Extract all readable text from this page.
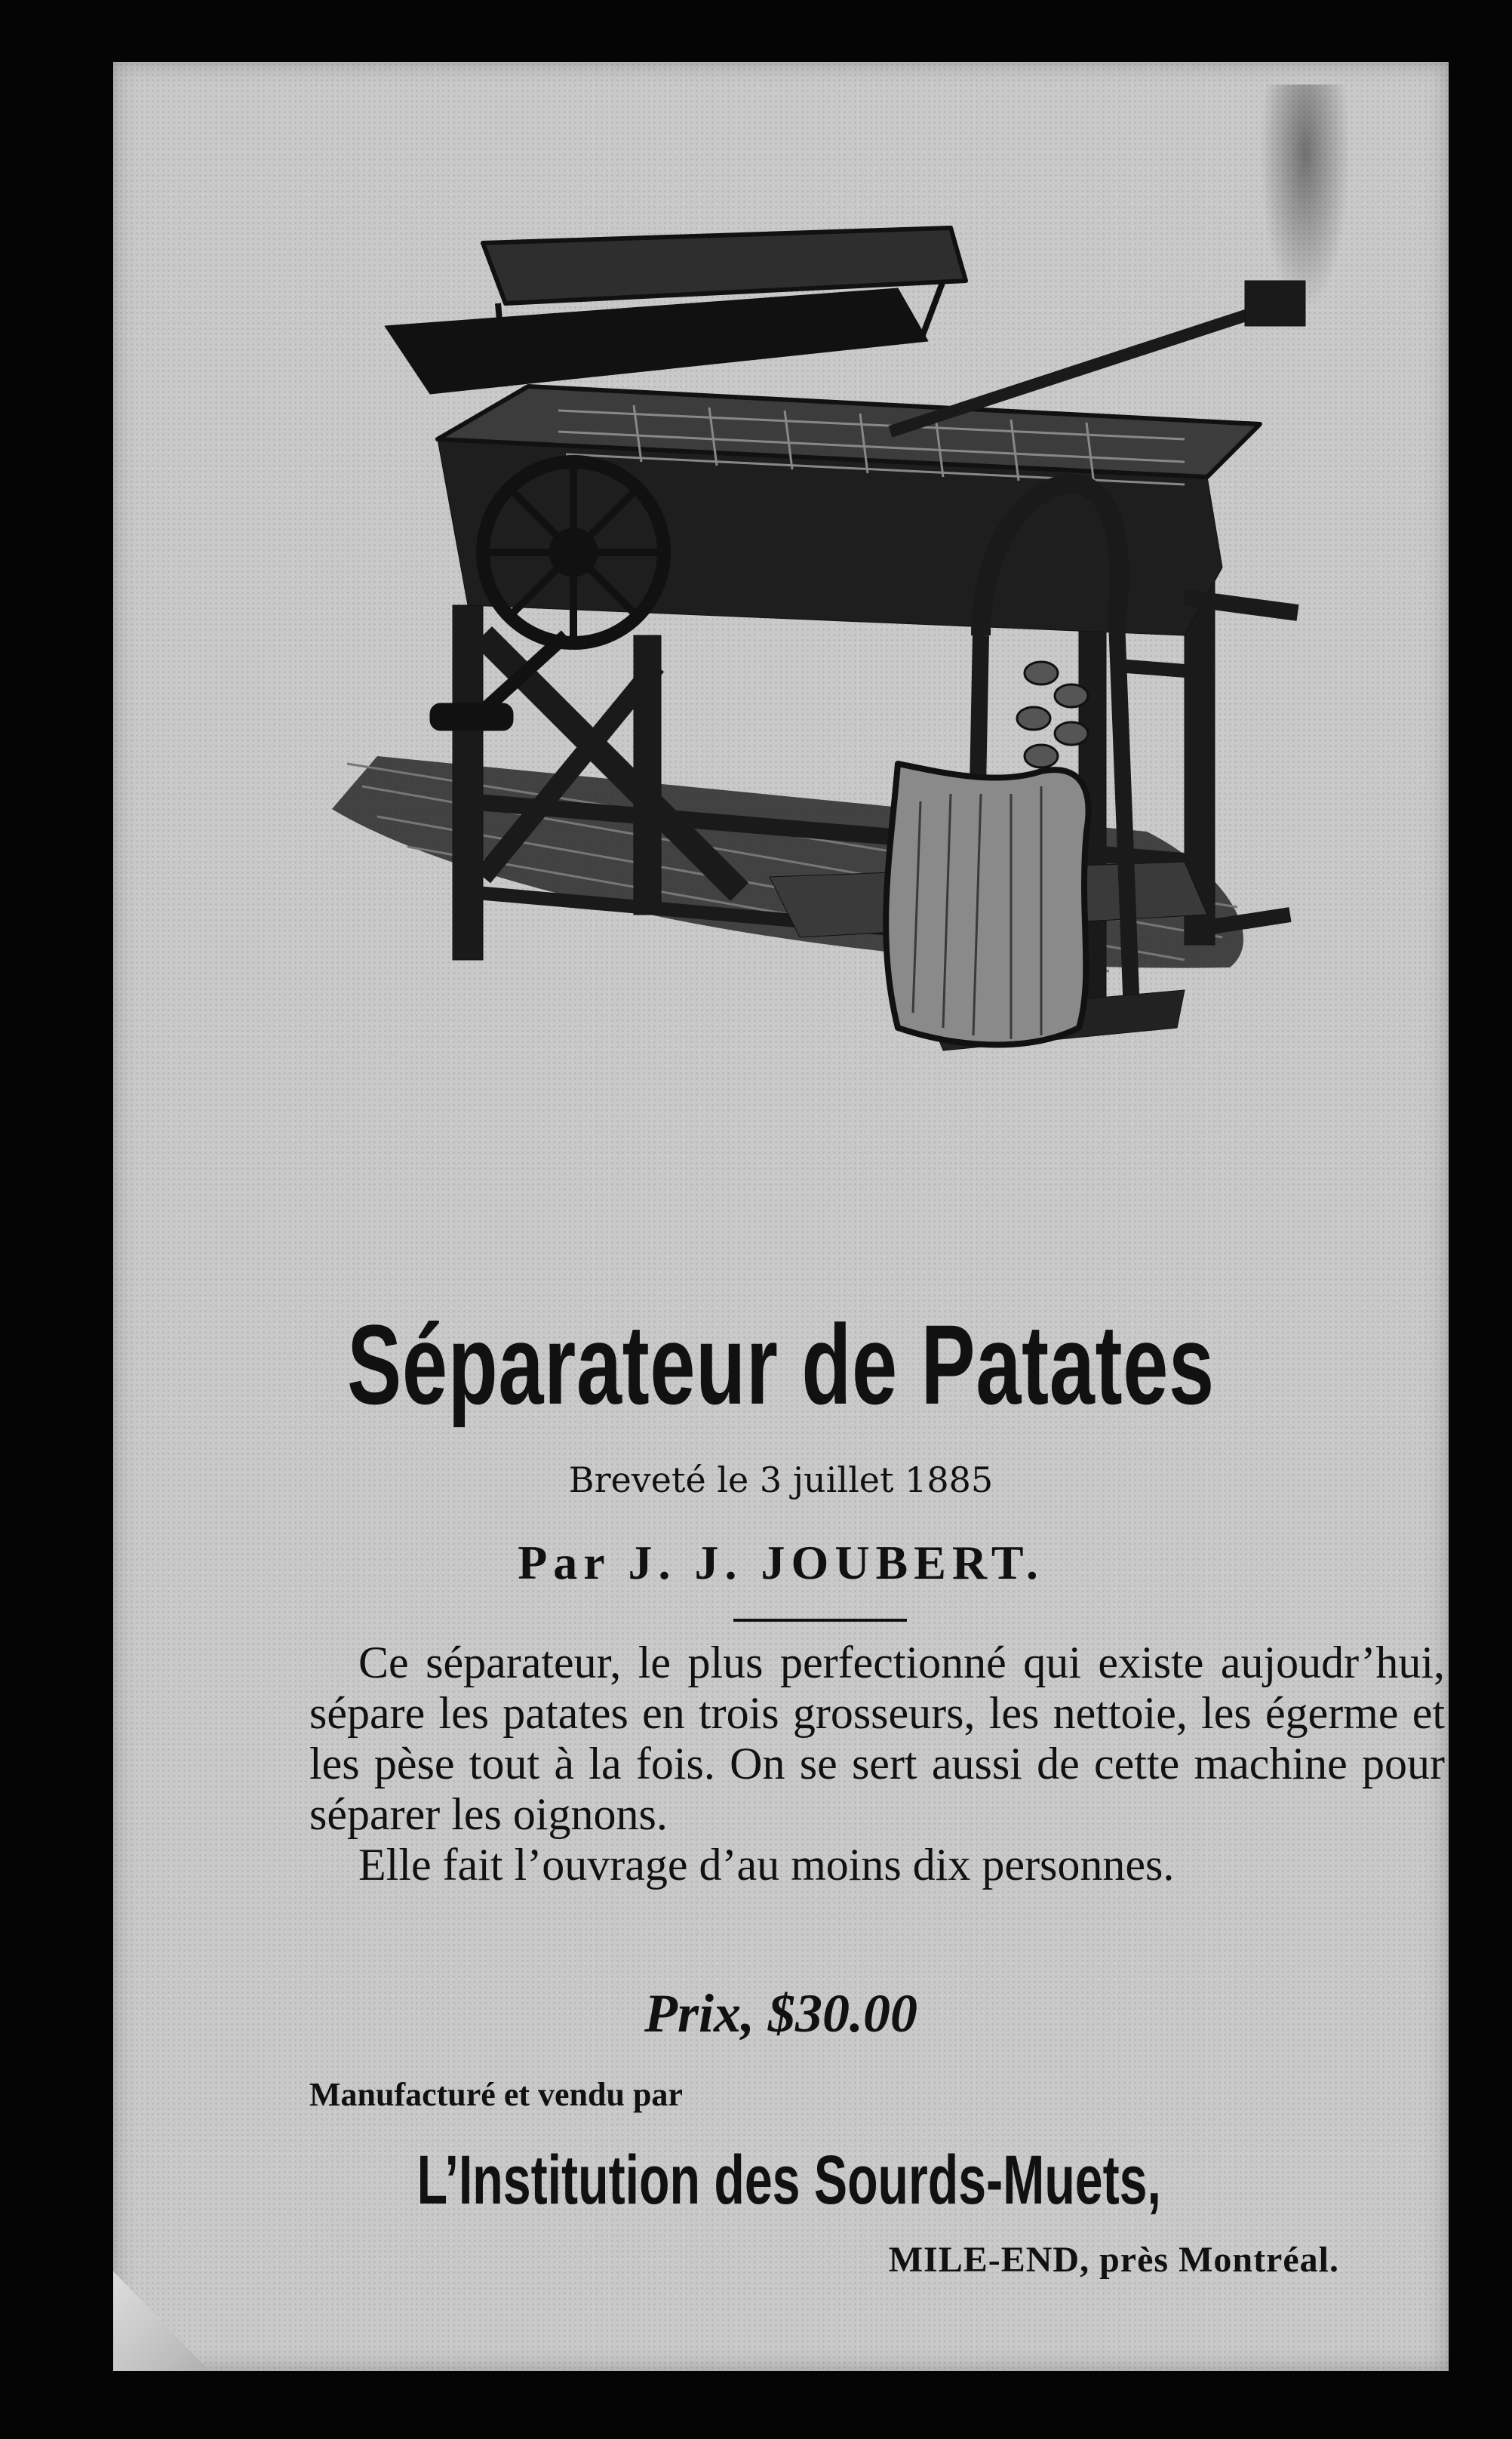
Séparateur de Patates
Breveté le 3 juillet 1885
Par J. J. JOUBERT.

Ce séparateur, le plus perfectionné qui existe aujoudr’hui, sépare les patates en trois grosseurs, les nettoie, les égerme et les pèse tout à la fois. On se sert aussi de cette machine pour séparer les oignons.

Elle fait l’ouvrage d’au moins dix personnes.

Prix, $30.00
Manufacturé et vendu par
L’Institution des Sourds-Muets,
MILE-END, près Montréal.
